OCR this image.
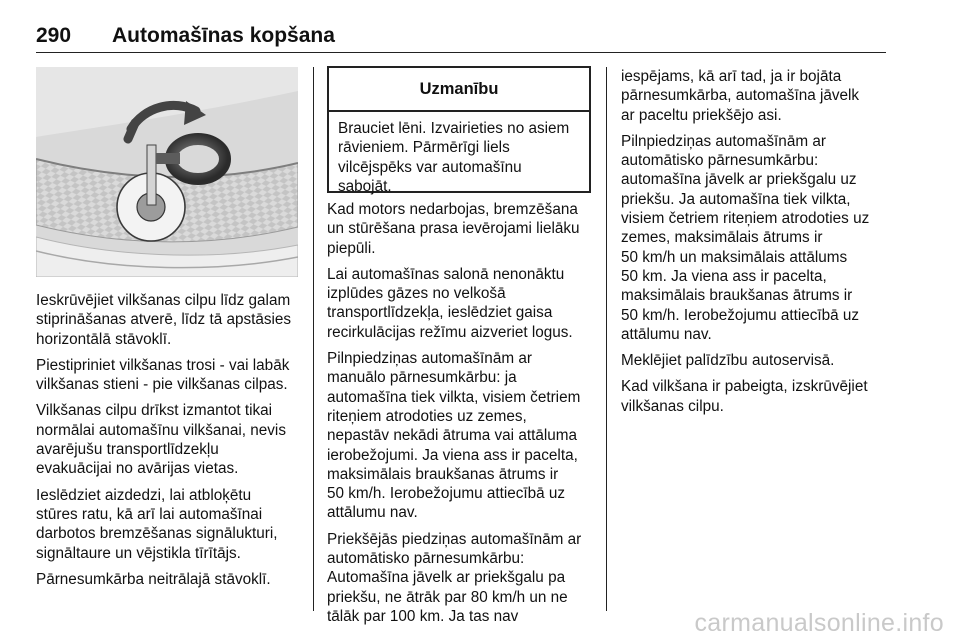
290 Automašīnas kopšana

Ieskrūvējiet vilkšanas cilpu līdz galam
stiprināšanas atverē, līdz tā apstāsies
horizontālā stāvoklī.

Piestipriniet vilkšanas trosi - vai labāk
vilkšanas stieni - pie vilkšanas cilpas.

Vilkšanas cilpu drīkst izmantot tikai
normālai automašīnu vilkšanai, nevis
avarējušu transportlīdzekļu
evakuācijai no avārijas vietas.

Ieslēdziet aizdedzi, lai atbloķētu
stūres ratu, kā arī lai automašīnai
darbotos bremzēšanas signālukturi,
signāltaure un vējstikla tīrītājs.

Pārnesumkārba neitrālajā stāvoklī.

Uzmanību
Brauciet lēni. Izvairieties no asiem
rāvieniem. Pārmērīgi liels
vilcējspēks var automašīnu
sabojāt.

Kad motors nedarbojas, bremzēšana
un stūrēšana prasa ievērojami lielāku
piepūli.

Lai automašīnas salonā nenonāktu
izplūdes gāzes no velkošā
transportlīdzekļa, ieslēdziet gaisa
recirkulācijas režīmu aizveriet logus.

Pilnpiedziņas automašīnām ar
manuālo pārnesumkārbu: ja
automašīna tiek vilkta, visiem četriem
riteņiem atrodoties uz zemes,
nepastāv nekādi ātruma vai attāluma
ierobežojumi. Ja viena ass ir pacelta,
maksimālais braukšanas ātrums ir
50 km/h. Ierobežojumu attiecībā uz
attālumu nav.

Priekšējās piedziņas automašīnām ar
automātisko pārnesumkārbu:
Automašīna jāvelk ar priekšgalu pa
priekšu, ne ātrāk par 80 km/h un ne
tālāk par 100 km. Ja tas nav

iespējams, kā arī tad, ja ir bojāta
pārnesumkārba, automašīna jāvelk
ar paceltu priekšējo asi.

Pilnpiedziņas automašīnām ar
automātisko pārnesumkārbu:
automašīna jāvelk ar priekšgalu uz
priekšu. Ja automašīna tiek vilkta,
visiem četriem riteņiem atrodoties uz
zemes, maksimālais ātrums ir
50 km/h un maksimālais attālums
50 km. Ja viena ass ir pacelta,
maksimālais braukšanas ātrums ir
50 km/h. Ierobežojumu attiecībā uz
attālumu nav.

Meklējiet palīdzību autoservisā.

Kad vilkšana ir pabeigta, izskrūvējiet
vilkšanas cilpu.

carmanualsonline.info
